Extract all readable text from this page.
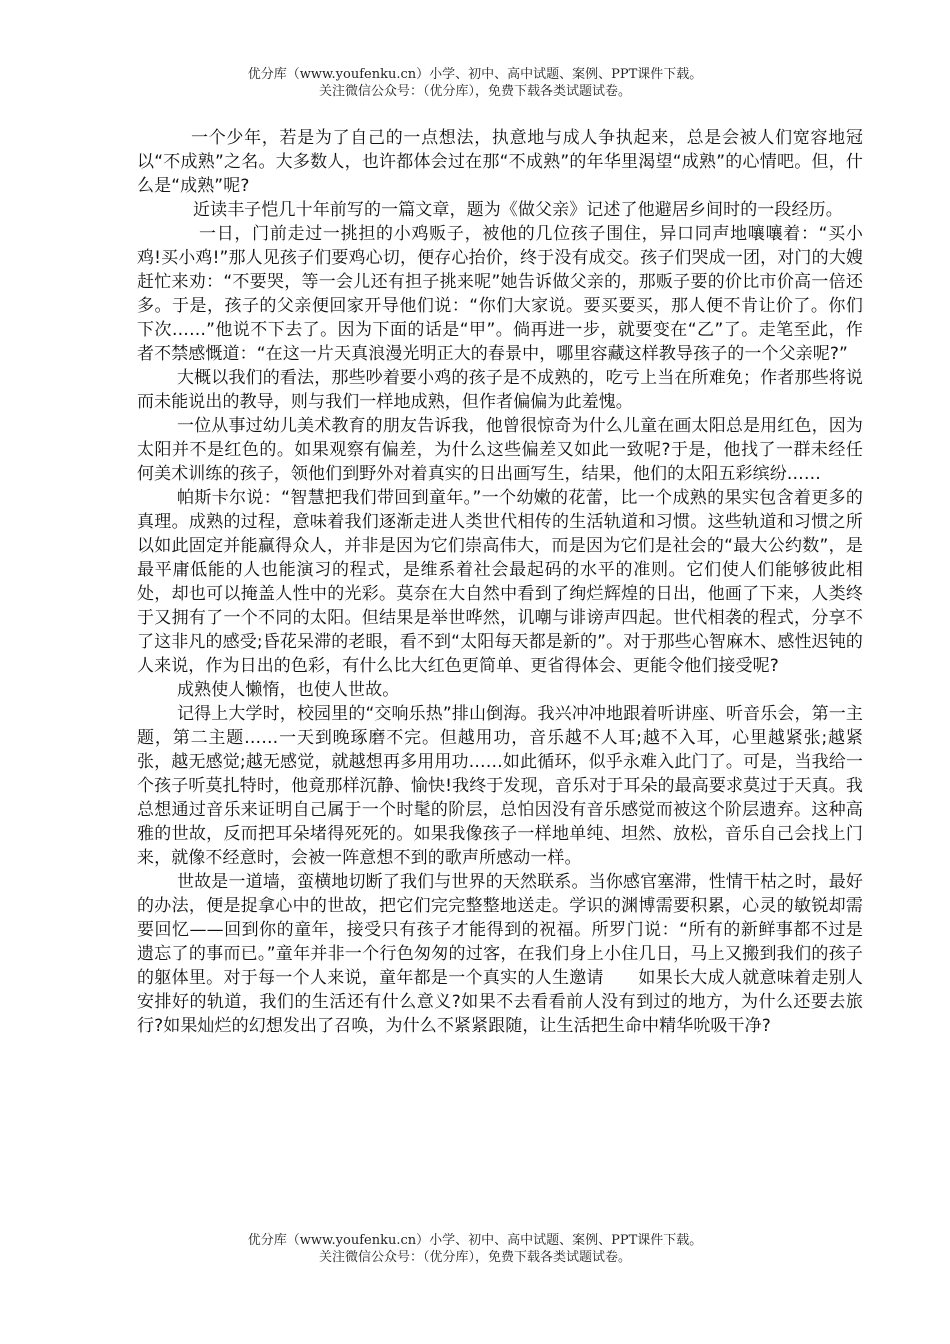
优分库（www.youfenku.cn）小学、初中、高中试题、案例、PPT课件下载。
关注微信公众号：（优分库），免费下载各类试题试卷。

一个少年，若是为了自己的一点想法，执意地与成人争执起来，总是会被人们宽容地冠以“不成熟”之名。大多数人，也许都体会过在那“不成熟”的年华里渴望“成熟”的心情吧。但，什么是“成熟”呢?

近读丰子恺几十年前写的一篇文章，题为《做父亲》记述了他避居乡间时的一段经历。

一日，门前走过一挑担的小鸡贩子，被他的几位孩子围住，异口同声地嚷嚷着：“买小鸡!买小鸡!”那人见孩子们要鸡心切，便存心抬价，终于没有成交。孩子们哭成一团，对门的大嫂赶忙来劝：“不要哭，等一会儿还有担子挑来呢”她告诉做父亲的，那贩子要的价比市价高一倍还多。于是，孩子的父亲便回家开导他们说：“你们大家说。要买要买，那人便不肯让价了。你们下次……”他说不下去了。因为下面的话是“甲”。倘再进一步，就要变在“乙”了。走笔至此，作者不禁感慨道：“在这一片天真浪漫光明正大的春景中，哪里容藏这样教导孩子的一个父亲呢?”

大概以我们的看法，那些吵着要小鸡的孩子是不成熟的，吃亏上当在所难免；作者那些将说而未能说出的教导，则与我们一样地成熟，但作者偏偏为此羞愧。

一位从事过幼儿美术教育的朋友告诉我，他曾很惊奇为什么儿童在画太阳总是用红色，因为太阳并不是红色的。如果观察有偏差，为什么这些偏差又如此一致呢?于是，他找了一群未经任何美术训练的孩子，领他们到野外对着真实的日出画写生，结果，他们的太阳五彩缤纷……

帕斯卡尔说：“智慧把我们带回到童年。”一个幼嫩的花蕾，比一个成熟的果实包含着更多的真理。成熟的过程，意味着我们逐渐走进人类世代相传的生活轨道和习惯。这些轨道和习惯之所以如此固定并能赢得众人，并非是因为它们崇高伟大，而是因为它们是社会的“最大公约数”，是最平庸低能的人也能演习的程式，是维系着社会最起码的水平的准则。它们使人们能够彼此相处，却也可以掩盖人性中的光彩。莫奈在大自然中看到了绚烂辉煌的日出，他画了下来，人类终于又拥有了一个不同的太阳。但结果是举世哗然，讥嘲与诽谤声四起。世代相袭的程式，分享不了这非凡的感受;昏花呆滞的老眼，看不到“太阳每天都是新的”。对于那些心智麻木、感性迟钝的人来说，作为日出的色彩，有什么比大红色更简单、更省得体会、更能令他们接受呢?

成熟使人懒惰，也使人世故。

记得上大学时，校园里的“交响乐热”排山倒海。我兴冲冲地跟着听讲座、听音乐会，第一主题，第二主题……一天到晚琢磨不完。但越用功，音乐越不人耳;越不入耳，心里越紧张;越紧张，越无感觉;越无感觉，就越想再多用用功……如此循环，似乎永难入此门了。可是，当我给一个孩子听莫扎特时，他竟那样沉静、愉快!我终于发现，音乐对于耳朵的最高要求莫过于天真。我总想通过音乐来证明自己属于一个时髦的阶层，总怕因没有音乐感觉而被这个阶层遗弃。这种高雅的世故，反而把耳朵堵得死死的。如果我像孩子一样地单纯、坦然、放松，音乐自己会找上门来，就像不经意时，会被一阵意想不到的歌声所感动一样。

世故是一道墙，蛮横地切断了我们与世界的天然联系。当你感官塞滞，性情干枯之时，最好的办法，便是捉拿心中的世故，把它们完完整整地送走。学识的渊博需要积累，心灵的敏锐却需要回忆——回到你的童年，接受只有孩子才能得到的祝福。所罗门说：“所有的新鲜事都不过是遗忘了的事而已。”童年并非一个行色匆匆的过客，在我们身上小住几日，马上又搬到我们的孩子的躯体里。对于每一个人来说，童年都是一个真实的人生邀请　　如果长大成人就意味着走别人安排好的轨道，我们的生活还有什么意义?如果不去看看前人没有到过的地方，为什么还要去旅行?如果灿烂的幻想发出了召唤，为什么不紧紧跟随，让生活把生命中精华吮吸干净?

优分库（www.youfenku.cn）小学、初中、高中试题、案例、PPT课件下载。
关注微信公众号：（优分库），免费下载各类试题试卷。
